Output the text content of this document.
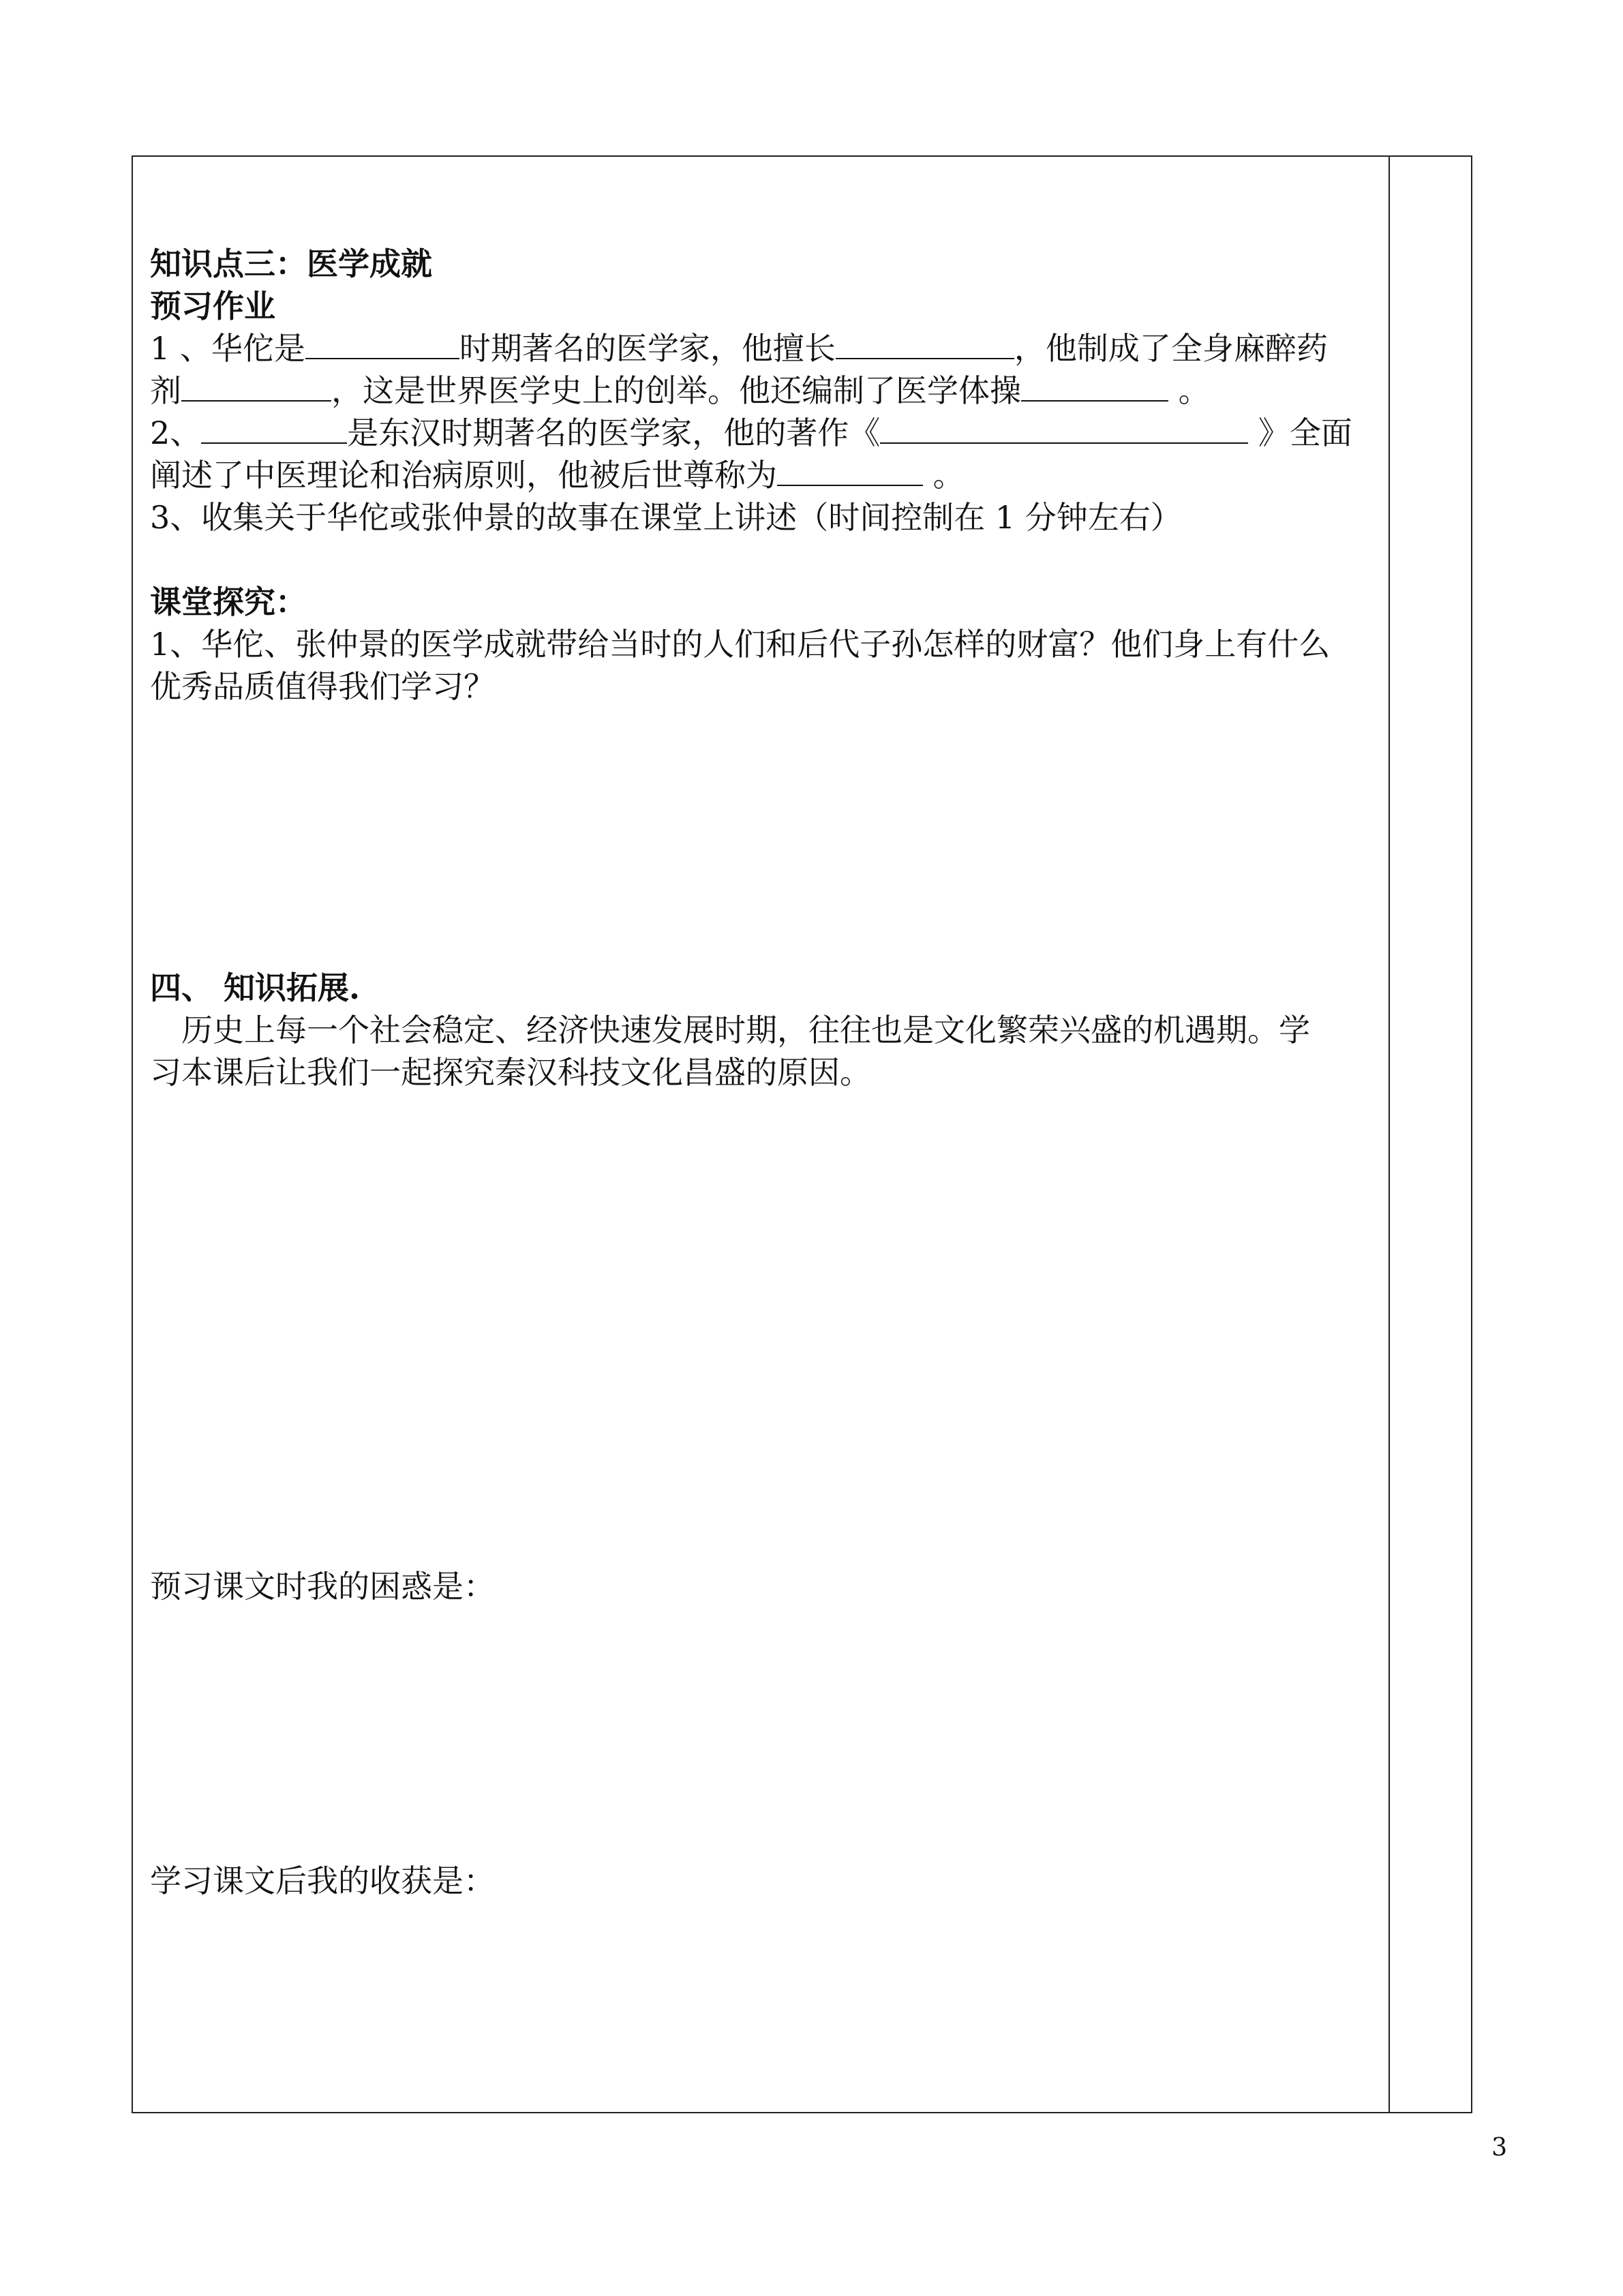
知识点三：医学成就
预习作业
1 、华佗是	时期著名的医学家，他擅长	，他制成了全身麻醉药
剂	，这是世界医学史上的创举。他还编制了医学体操	。
2、	是东汉时期著名的医学家，他的著作《	》全面
阐述了中医理论和治病原则，他被后世尊称为	。
3、收集关于华佗或张仲景的故事在课堂上讲述（时间控制在 1 分钟左右）
课堂探究：
1、华佗、张仲景的医学成就带给当时的人们和后代子孙怎样的财富？他们身上有什么
优秀品质值得我们学习？
四、 知识拓展.
历史上每一个社会稳定、经济快速发展时期，往往也是文化繁荣兴盛的机遇期。学
习本课后让我们一起探究秦汉科技文化昌盛的原因。
预习课文时我的困惑是：
学习课文后我的收获是：
3
